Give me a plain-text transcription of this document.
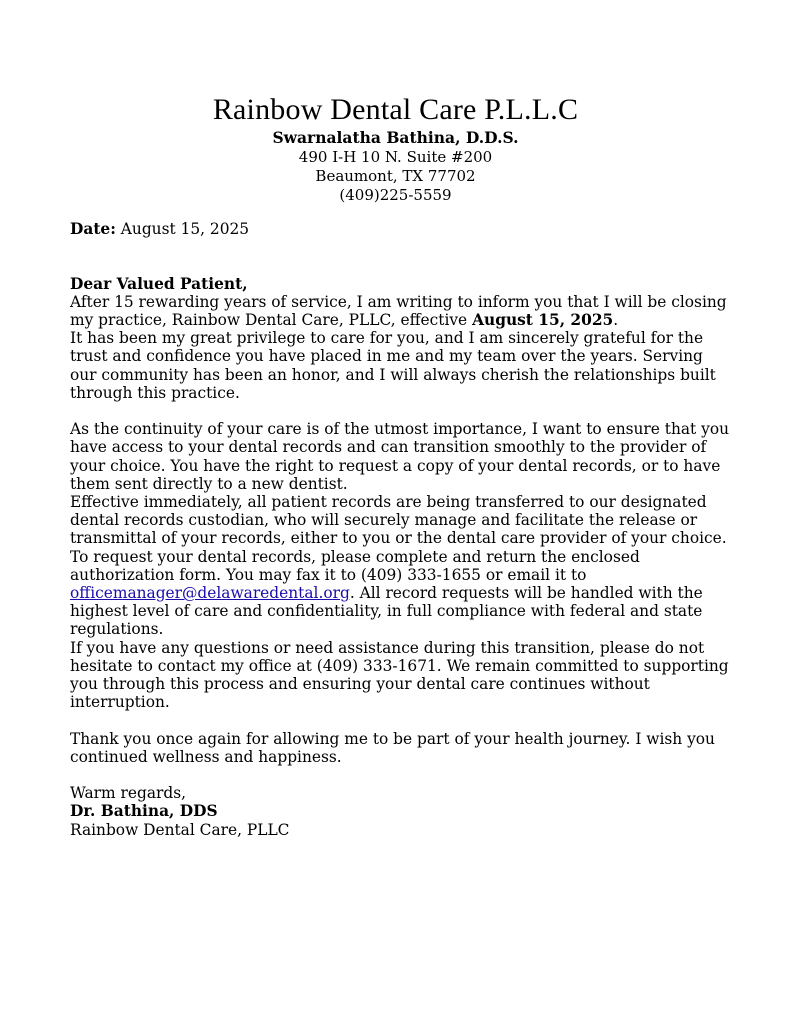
Rainbow Dental Care P.L.L.C
Swarnalatha Bathina, D.D.S.
490 I-H 10 N. Suite #200
Beaumont, TX 77702
(409)225-5559

Date: August 15, 2025

Dear Valued Patient,

After 15 rewarding years of service, I am writing to inform you that I will be closing my practice, Rainbow Dental Care, PLLC, effective August 15, 2025.

It has been my great privilege to care for you, and I am sincerely grateful for the trust and confidence you have placed in me and my team over the years. Serving our community has been an honor, and I will always cherish the relationships built through this practice.

As the continuity of your care is of the utmost importance, I want to ensure that you have access to your dental records and can transition smoothly to the provider of your choice. You have the right to request a copy of your dental records, or to have them sent directly to a new dentist.

Effective immediately, all patient records are being transferred to our designated dental records custodian, who will securely manage and facilitate the release or transmittal of your records, either to you or the dental care provider of your choice.

To request your dental records, please complete and return the enclosed authorization form. You may fax it to (409) 333-1655 or email it to officemanager@delawaredental.org. All record requests will be handled with the highest level of care and confidentiality, in full compliance with federal and state regulations.

If you have any questions or need assistance during this transition, please do not hesitate to contact my office at (409) 333-1671. We remain committed to supporting you through this process and ensuring your dental care continues without interruption.

Thank you once again for allowing me to be part of your health journey. I wish you continued wellness and happiness.

Warm regards,

Dr. Bathina, DDS

Rainbow Dental Care, PLLC
